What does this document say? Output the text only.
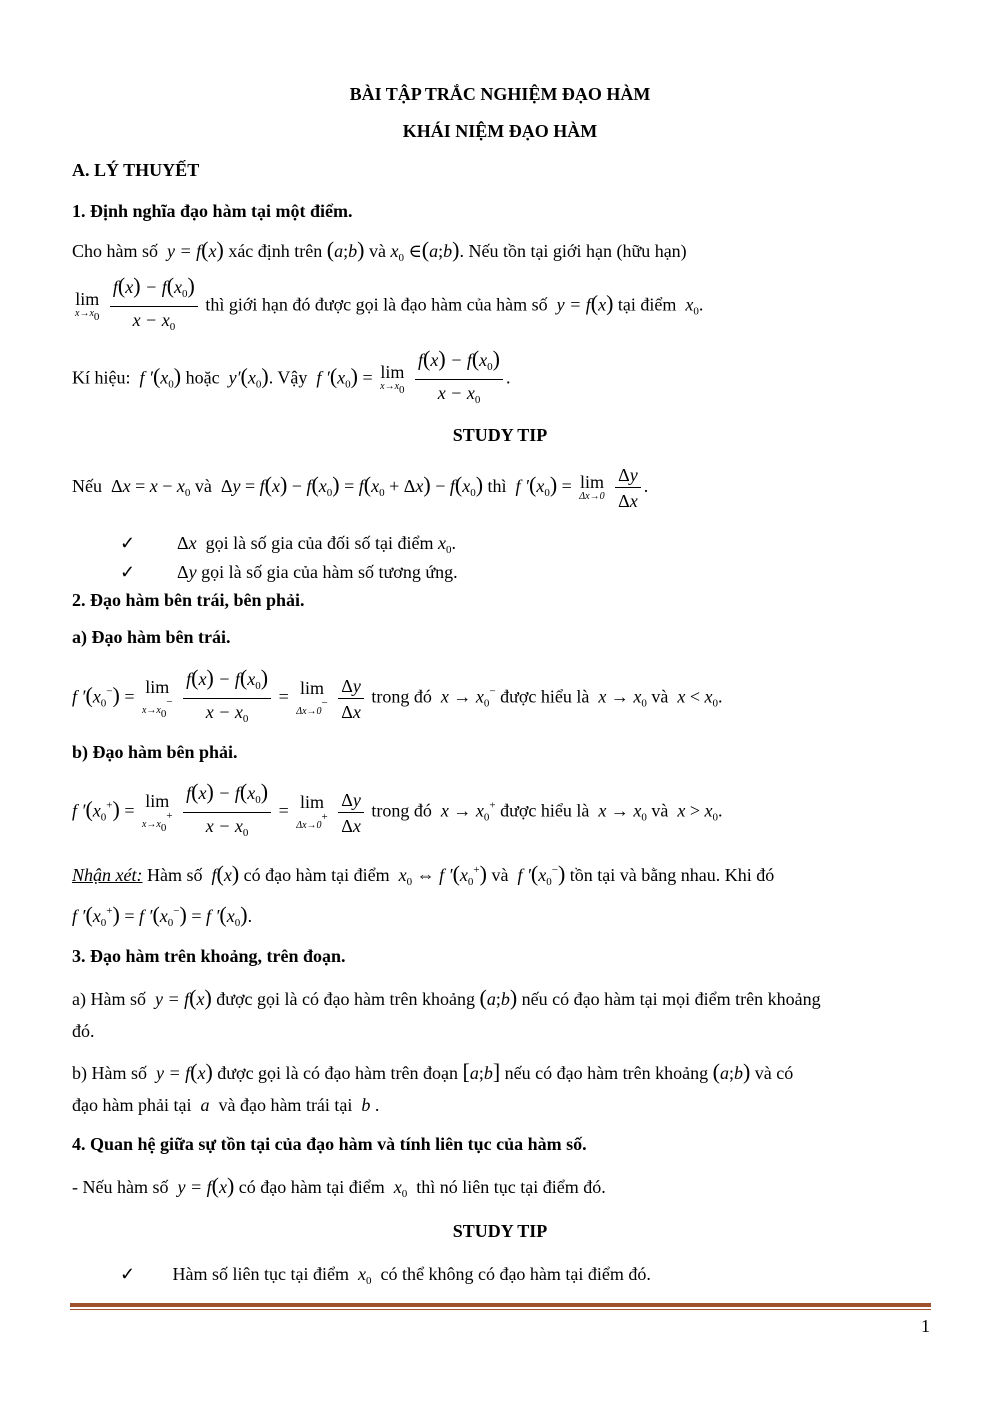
BÀI TẬP TRẮC NGHIỆM ĐẠO HÀM
KHÁI NIỆM ĐẠO HÀM
A. LÝ THUYẾT
1. Định nghĩa đạo hàm tại một điểm.
Cho hàm số  y = f(x) xác định trên (a;b) và $x_0$ ∈(a;b). Nếu tồn tại giới hạn (hữu hạn)
lim
$x\to x_0$
$\frac{f(x) - f(x_0)}{x - x_0}$ thì giới hạn đó được gọi là đạo hàm của hàm số  y = f(x) tại điểm  $x_0$.
Kí hiệu:  f $'(x_0)$ hoặc  $y'(x_0)$. Vậy  f $'(x_0) = \lim$
$x\to x_0$
$\frac{f(x) - f(x_0)}{x - x_0}$ .
STUDY TIP
Nếu  $\Delta x = x - x_0$ và  $\Delta y = f(x) - f(x_0) = f(x_0 + \Delta x) - f(x_0)$ thì  f $'(x_0) = \lim$
Δx→0
$\frac{\Delta y}{\Delta x}$ .
✓  Δx gọi là số gia của đối số tại điểm $x_0$.
✓  Δy gọi là số gia của hàm số tương ứng.
2. Đạo hàm bên trái, bên phải.
a) Đạo hàm bên trái.
f $'(x_0^-)$ =
lim
$x\to x_0^-$
$\frac{f(x) - f(x_0)}{x - x_0} = \lim$
Δx→0−
$\frac{\Delta y}{\Delta x}$ trong đó  $x \to x_0^-$ được hiểu là  $x \to x_0$ và  $x < x_0$.
b) Đạo hàm bên phải.
f $'(x_0^+)$ =
lim
$x\to x_0^+$
$\frac{f(x) - f(x_0)}{x - x_0} = \lim$
Δx→0+
$\frac{\Delta y}{\Delta x}$ trong đó  $x \to x_0^+$ được hiểu là  $x \to x_0$ và  $x > x_0$.
Nhận xét: Hàm số  f(x) có đạo hàm tại điểm  $x_0$ ⇔ f $'(x_0^+)$ và  f $'(x_0^-)$ tồn tại và bằng nhau. Khi đó
f $'(x_0^+) = f$ $'(x_0^-) = f$ $'(x_0)$.
3. Đạo hàm trên khoảng, trên đoạn.
a) Hàm số  y = f(x) được gọi là có đạo hàm trên khoảng (a;b) nếu có đạo hàm tại mọi điểm trên khoảng
đó.
b) Hàm số  y = f(x) được gọi là có đạo hàm trên đoạn [a;b] nếu có đạo hàm trên khoảng (a;b) và có
đạo hàm phải tại  a  và đạo hàm trái tại  b .
4. Quan hệ giữa sự tồn tại của đạo hàm và tính liên tục của hàm số.
- Nếu hàm số  y = f(x) có đạo hàm tại điểm  $x_0$ thì nó liên tục tại điểm đó.
STUDY TIP
✓ Hàm số liên tục tại điểm  $x_0$ có thể không có đạo hàm tại điểm đó.
1
